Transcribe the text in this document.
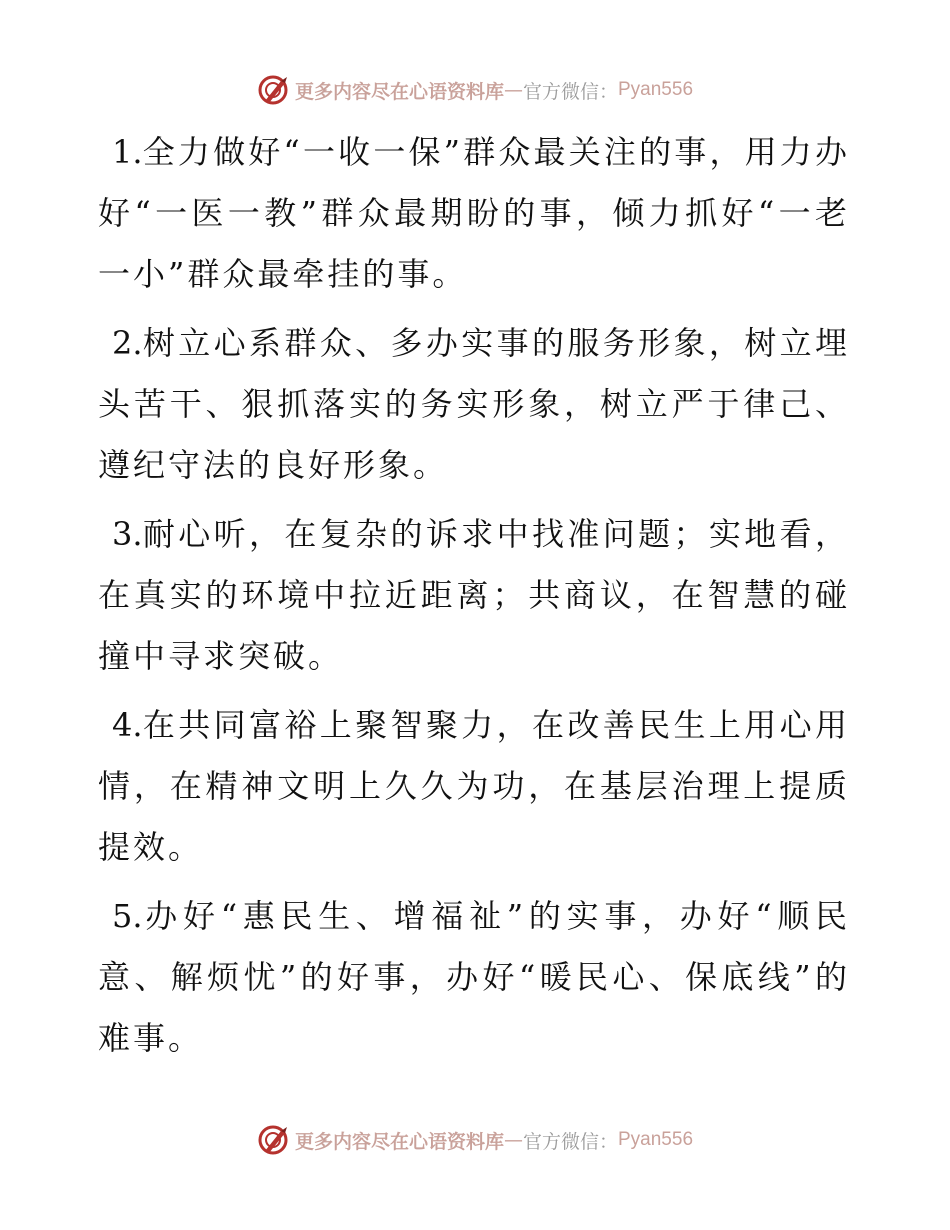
更多内容尽在心语资料库 — 官方微信： Pyan556

1.全力做好“一收一保”群众最关注的事，用力办好“一医一教”群众最期盼的事，倾力抓好“一老一小”群众最牵挂的事。

2.树立心系群众、多办实事的服务形象，树立埋头苦干、狠抓落实的务实形象，树立严于律己、遵纪守法的良好形象。

3.耐心听，在复杂的诉求中找准问题；实地看，在真实的环境中拉近距离；共商议，在智慧的碰撞中寻求突破。

4.在共同富裕上聚智聚力，在改善民生上用心用情，在精神文明上久久为功，在基层治理上提质提效。

5.办好“惠民生、增福祉”的实事，办好“顺民意、解烦忧”的好事，办好“暖民心、保底线”的难事。

更多内容尽在心语资料库 — 官方微信： Pyan556
